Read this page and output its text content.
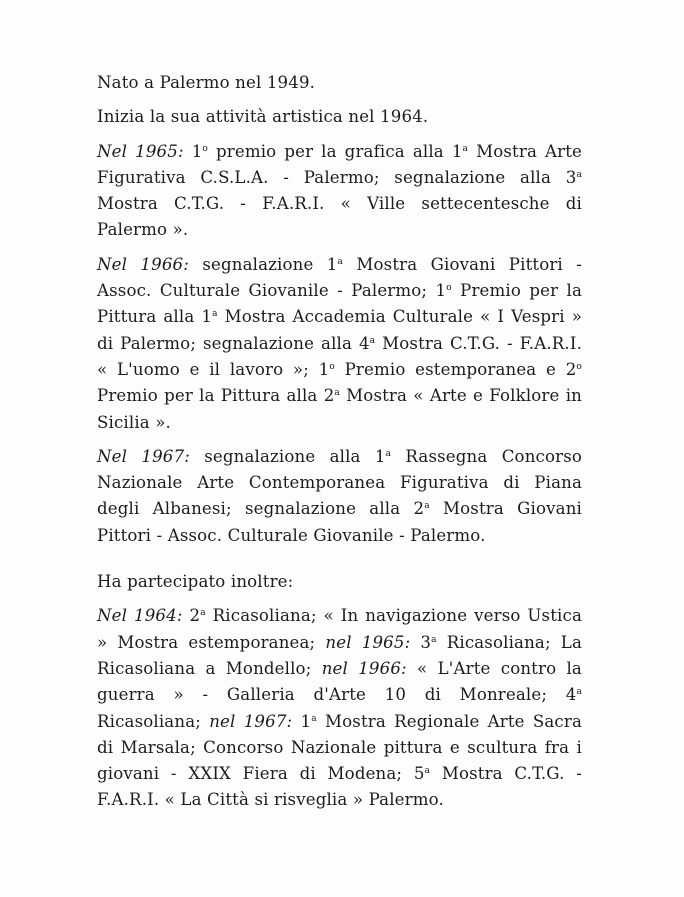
Nato a Palermo nel 1949.

Inizia la sua attività artistica nel 1964.

Nel 1965: 1$^o$ premio per la grafica alla 1$^a$ Mostra Arte Figurativa C.S.L.A. - Palermo; segnalazione alla 3$^a$ Mostra C.T.G. - F.A.R.I. « Ville settecentesche di Palermo ».

Nel 1966: segnalazione 1$^a$ Mostra Giovani Pittori - Assoc. Culturale Giovanile - Palermo; 1$^o$ Premio per la Pittura alla 1$^a$ Mostra Accademia Culturale « I Vespri » di Palermo; segnalazione alla 4$^a$ Mostra C.T.G. - F.A.R.I. « L'uomo e il lavoro »; 1$^o$ Premio estemporanea e 2$^o$ Premio per la Pittura alla 2$^a$ Mostra « Arte e Folklore in Sicilia ».

Nel 1967: segnalazione alla 1$^a$ Rassegna Concorso Nazionale Arte Contemporanea Figurativa di Piana degli Albanesi; segnalazione alla 2$^a$ Mostra Giovani Pittori - Assoc. Culturale Giovanile - Palermo.

Ha partecipato inoltre:

Nel 1964: 2$^a$ Ricasoliana; « In navigazione verso Ustica » Mostra estemporanea; nel 1965: 3$^a$ Ricasoliana; La Ricasoliana a Mondello; nel 1966: « L'Arte contro la guerra » - Galleria d'Arte 10 di Monreale; 4$^a$ Ricasoliana; nel 1967: 1$^a$ Mostra Regionale Arte Sacra di Marsala; Concorso Nazionale pittura e scultura fra i giovani - XXIX Fiera di Modena; 5$^a$ Mostra C.T.G. - F.A.R.I. « La Città si risveglia » Palermo.
